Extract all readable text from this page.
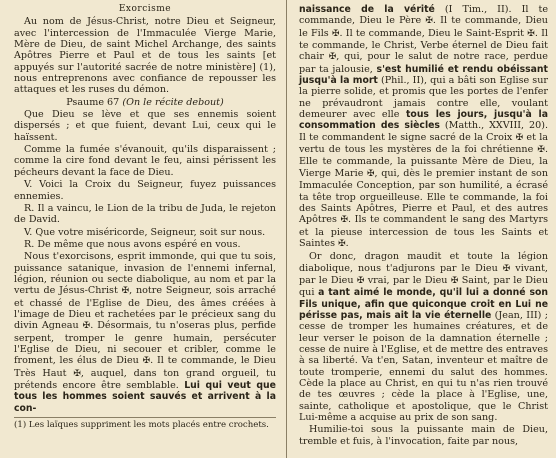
Exorcisme

Au nom de Jésus-Christ, notre Dieu et Seigneur, avec l'intercession de l'Immaculée Vierge Marie, Mère de Dieu, de saint Michel Archange, des saints Apôtres Pierre et Paul et de tous les saints [et appuyés sur l'autorité sacrée de notre ministère] (1), nous entreprenons avec confiance de repousser les attaques et les ruses du démon.

Psaume 67 (On le récite debout)

Que Dieu se lève et que ses ennemis soient dispersés ; et que fuient, devant Lui, ceux qui le haïssent.

Comme la fumée s'évanouit, qu'ils disparaissent ; comme la cire fond devant le feu, ainsi périssent les pécheurs devant la face de Dieu.

V. Voici la Croix du Seigneur, fuyez puissances ennemies.

R. Il a vaincu, le Lion de la tribu de Juda, le rejeton de David.

V. Que votre miséricorde, Seigneur, soit sur nous.

R. De même que nous avons espéré en vous.

Nous t'exorcisons, esprit immonde, qui que tu sois, puissance satanique, invasion de l'ennemi infernal, légion, réunion ou secte diabolique, au nom et par la vertu de Jésus-Christ ✠, notre Seigneur, sois arraché et chassé de l'Eglise de Dieu, des âmes créées à l'image de Dieu et rachetées par le précieux sang du divin Agneau ✠. Désormais, tu n'oseras plus, perfide serpent, tromper le genre humain, persécuter l'Eglise de Dieu, ni secouer et cribler, comme le froment, les élus de Dieu ✠. Il te commande, le Dieu Très Haut ✠, auquel, dans ton grand orgueil, tu prétends encore être semblable. Lui qui veut que tous les hommes soient sauvés et arrivent à la con-

(1) Les laïques suppriment les mots placés entre crochets.

naissance de la vérité (I Tim., II). Il te commande, Dieu le Père ✠. Il te commande, Dieu le Fils ✠. Il te commande, Dieu le Saint-Esprit ✠. Il te commande, le Christ, Verbe éternel de Dieu fait chair ✠, qui, pour le salut de notre race, perdue par ta jalousie, s'est humilié et rendu obéissant jusqu'à la mort (Phil., II), qui a bâti son Eglise sur la pierre solide, et promis que les portes de l'enfer ne prévaudront jamais contre elle, voulant demeurer avec elle tous les jours, jusqu'à la consommation des siècles (Matth., XXVIII, 20). Il te commandent le signe sacré de la Croix ✠ et la vertu de tous les mystères de la foi chrétienne ✠. Elle te commande, la puissante Mère de Dieu, la Vierge Marie ✠, qui, dès le premier instant de son Immaculée Conception, par son humilité, a écrasé ta tête trop orgueilleuse. Elle te commande, la foi des Saints Apôtres, Pierre et Paul, et des autres Apôtres ✠. Ils te commandent le sang des Martyrs et la pieuse intercession de tous les Saints et Saintes ✠.

Or donc, dragon maudit et toute la légion diabolique, nous t'adjurons par le Dieu ✠ vivant, par le Dieu ✠ vrai, par le Dieu ✠ Saint, par le Dieu qui a tant aimé le monde, qu'il lui a donné son Fils unique, afin que quiconque croit en Lui ne périsse pas, mais ait la vie éternelle (Jean, III) ; cesse de tromper les humaines créatures, et de leur verser le poison de la damnation éternelle ; cesse de nuire à l'Eglise, et de mettre des entraves à sa liberté. Va t'en, Satan, inventeur et maître de toute tromperie, ennemi du salut des hommes. Cède la place au Christ, en qui tu n'as rien trouvé de tes œuvres ; cède la place à l'Eglise, une, sainte, catholique et apostolique, que le Christ Lui-même a acquise au prix de son sang.

Humilie-toi sous la puissante main de Dieu, tremble et fuis, à l'invocation, faite par nous,
